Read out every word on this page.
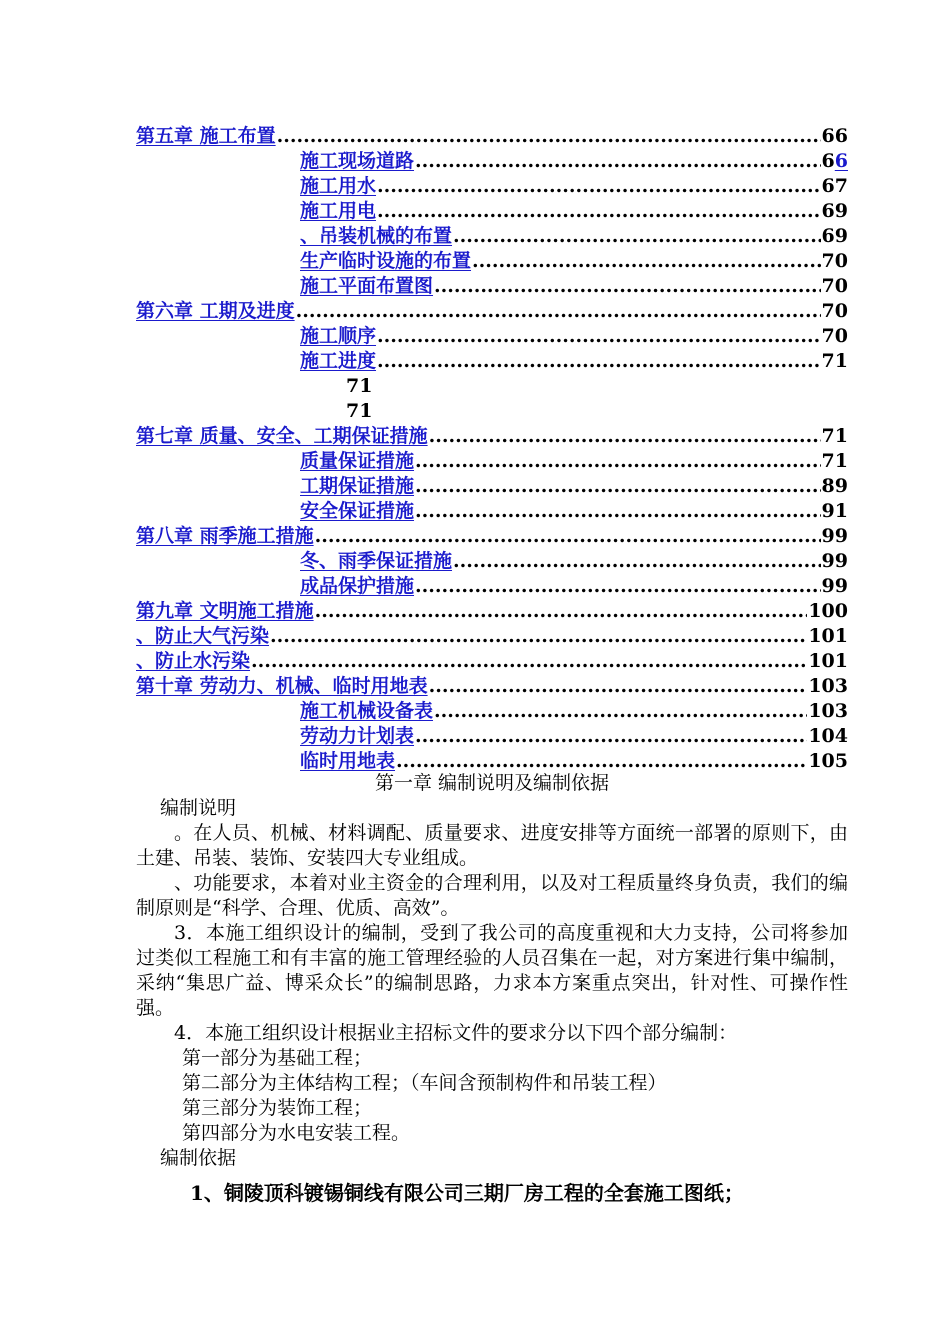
第五章 施工布置 .....	66
施工现场道路 .....	6 6
施工用水 .....	67
施工用电 .....	69
、吊装机械的布置 .....	69
生产临时设施的布置 .....	70
施工平面布置图 .....	70
第六章 工期及进度 .....	70
施工顺序 .....	70
施工进度 .....	71
71
71
第七章 质量、安全、工期保证措施 .....	71
质量保证措施 .....	71
工期保证措施 .....	89
安全保证措施 .....	91
第八章 雨季施工措施 .....	99
冬、雨季保证措施 .....	99
成品保护措施 .....	99
第九章 文明施工措施 .....	100
、防止大气污染 .....	101
、防止水污染 .....	101
第十章 劳动力、机械、临时用地表 .....	103
施工机械设备表 .....	103
劳动力计划表 .....	104
临时用地表 .....	105
第一章 编制说明及编制依据
编制说明

。在人员、机械、材料调配、质量要求、进度安排等方面统一部署的原则下，由土建、吊装、装饰、安装四大专业组成。

、功能要求，本着对业主资金的合理利用，以及对工程质量终身负责，我们的编制原则是“科学、合理、优质、高效”。

3．本施工组织设计的编制，受到了我公司的高度重视和大力支持，公司将参加过类似工程施工和有丰富的施工管理经验的人员召集在一起，对方案进行集中编制，采纳“集思广益、博采众长”的编制思路，力求本方案重点突出，针对性、可操作性强。

4．本施工组织设计根据业主招标文件的要求分以下四个部分编制：

第一部分为基础工程；
第二部分为主体结构工程；（车间含预制构件和吊装工程）
第三部分为装饰工程；
第四部分为水电安装工程。
编制依据
1、铜陵顶科镀锡铜线有限公司三期厂房工程的全套施工图纸；
